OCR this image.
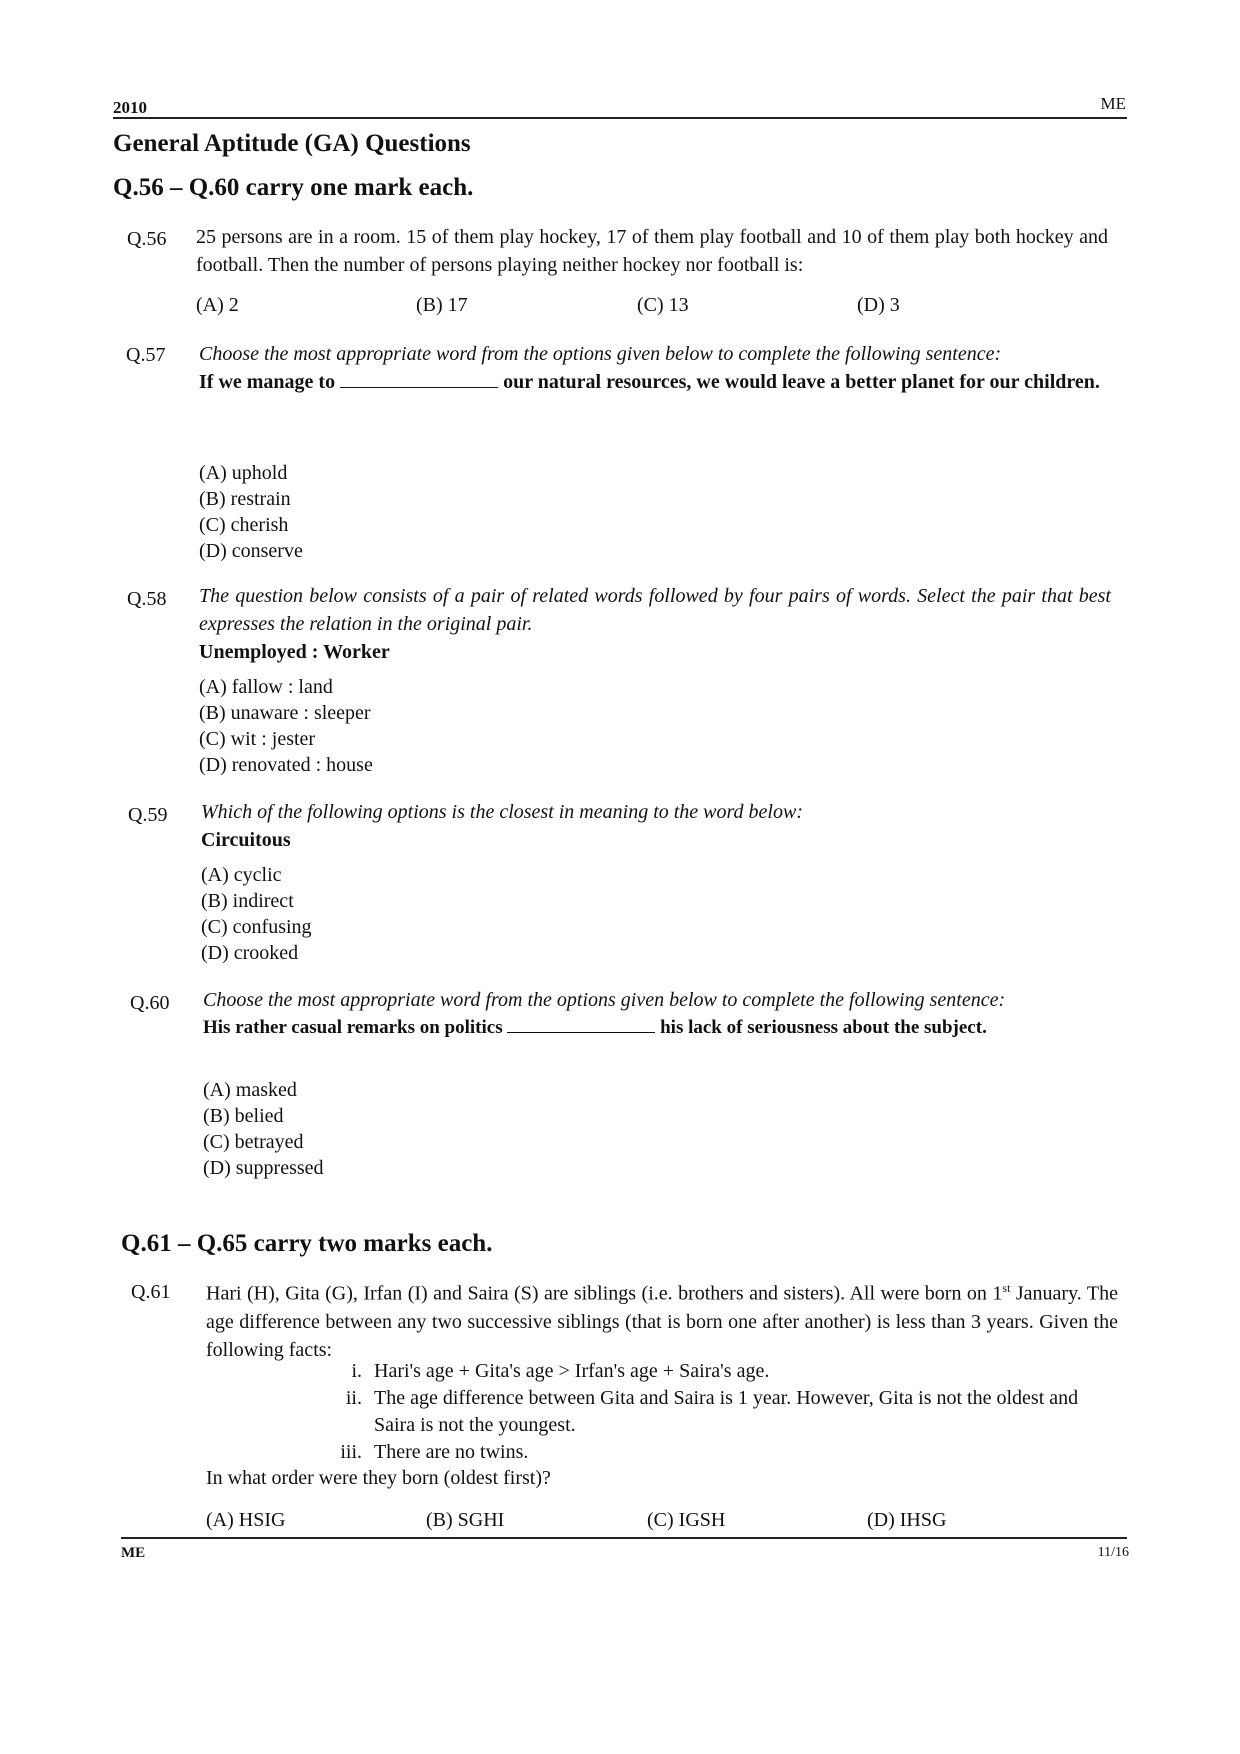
2010	ME
General Aptitude (GA) Questions
Q.56 – Q.60 carry one mark each.
Q.56 25 persons are in a room. 15 of them play hockey, 17 of them play football and 10 of them play both hockey and football. Then the number of persons playing neither hockey nor football is:
(A) 2	(B) 17	(C) 13	(D) 3
Q.57 Choose the most appropriate word from the options given below to complete the following sentence:
If we manage to	our natural resources, we would leave a better planet for our children.
(A) uphold
(B) restrain
(C) cherish
(D) conserve
Q.58 The question below consists of a pair of related words followed by four pairs of words. Select the pair that best expresses the relation in the original pair.
Unemployed : Worker
(A) fallow : land
(B) unaware : sleeper
(C) wit : jester
(D) renovated : house
Q.59 Which of the following options is the closest in meaning to the word below:
Circuitous
(A) cyclic
(B) indirect
(C) confusing
(D) crooked
Q.60 Choose the most appropriate word from the options given below to complete the following sentence:
His rather casual remarks on politics	his lack of seriousness about the subject.
(A) masked
(B) belied
(C) betrayed
(D) suppressed
Q.61 – Q.65 carry two marks each.
Q.61 Hari (H), Gita (G), Irfan (I) and Saira (S) are siblings (i.e. brothers and sisters). All were born on 1st January. The age difference between any two successive siblings (that is born one after another) is less than 3 years. Given the following facts:
i. Hari's age + Gita's age > Irfan's age + Saira's age.
ii. The age difference between Gita and Saira is 1 year. However, Gita is not the oldest and Saira is not the youngest.
iii. There are no twins.
In what order were they born (oldest first)?
(A) HSIG	(B) SGHI	(C) IGSH	(D) IHSG
ME	11/16
